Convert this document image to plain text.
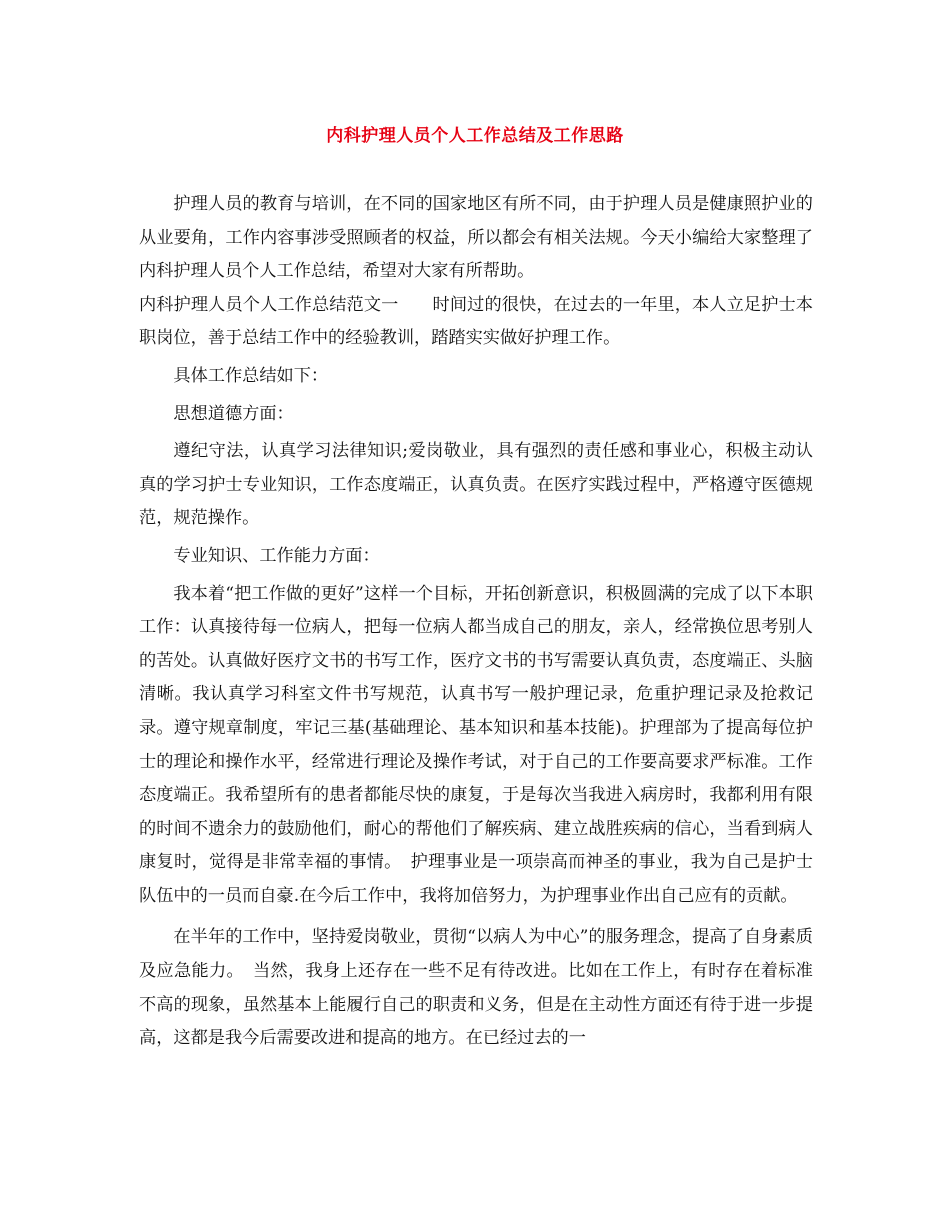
内科护理人员个人工作总结及工作思路

护理人员的教育与培训，在不同的国家地区有所不同，由于护理人员是健康照护业的从业要角，工作内容事涉受照顾者的权益，所以都会有相关法规。今天小编给大家整理了内科护理人员个人工作总结，希望对大家有所帮助。

内科护理人员个人工作总结范文一 时间过的很快，在过去的一年里，本人立足护士本职岗位，善于总结工作中的经验教训，踏踏实实做好护理工作。

具体工作总结如下：

思想道德方面：

遵纪守法，认真学习法律知识;爱岗敬业，具有强烈的责任感和事业心，积极主动认真的学习护士专业知识，工作态度端正，认真负责。在医疗实践过程中，严格遵守医德规范，规范操作。

专业知识、工作能力方面：

我本着“把工作做的更好”这样一个目标，开拓创新意识，积极圆满的完成了以下本职工作：认真接待每一位病人，把每一位病人都当成自己的朋友，亲人，经常换位思考别人的苦处。认真做好医疗文书的书写工作，医疗文书的书写需要认真负责，态度端正、头脑清晰。我认真学习科室文件书写规范，认真书写一般护理记录，危重护理记录及抢救记录。遵守规章制度，牢记三基(基础理论、基本知识和基本技能)。护理部为了提高每位护士的理论和操作水平，经常进行理论及操作考试，对于自己的工作要高要求严标准。工作态度端正。我希望所有的患者都能尽快的康复，于是每次当我进入病房时，我都利用有限的时间不遗余力的鼓励他们，耐心的帮他们了解疾病、建立战胜疾病的信心，当看到病人康复时，觉得是非常幸福的事情。　 护理事业是一项崇高而神圣的事业，我为自己是护士队伍中的一员而自豪.在今后工作中，我将加倍努力，为护理事业作出自己应有的贡献。

在半年的工作中，坚持爱岗敬业，贯彻“以病人为中心”的服务理念，提高了自身素质及应急能力。　 当然，我身上还存在一些不足有待改进。比如在工作上，有时存在着标准不高的现象，虽然基本上能履行自己的职责和义务，但是在主动性方面还有待于进一步提高，这都是我今后需要改进和提高的地方。在已经过去的一
